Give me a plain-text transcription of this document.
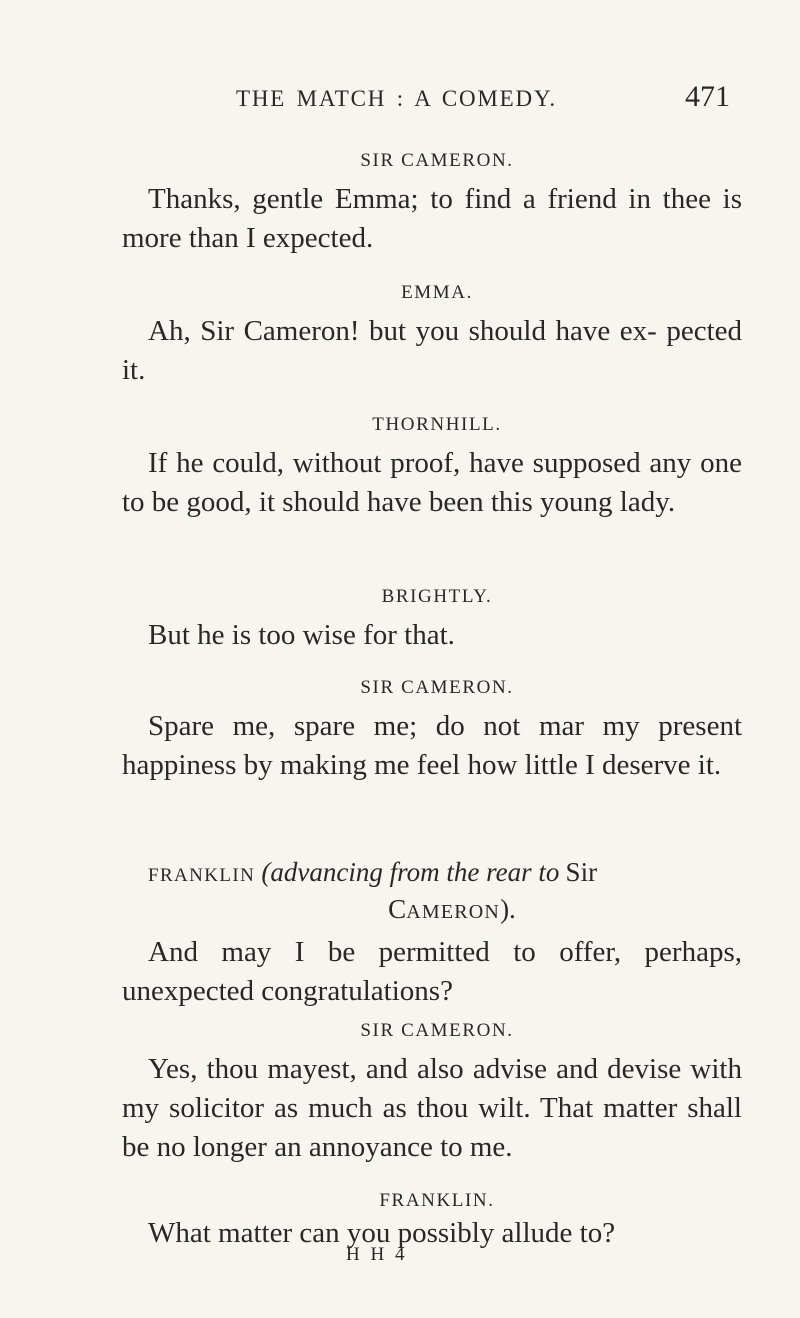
THE MATCH : A COMEDY.	471

SIR CAMERON.

Thanks, gentle Emma; to find a friend in thee is more than I expected.

EMMA.

Ah, Sir Cameron! but you should have ex- pected it.

THORNHILL.

If he could, without proof, have supposed any one to be good, it should have been this young lady.

BRIGHTLY.

But he is too wise for that.

SIR CAMERON.

Spare me, spare me; do not mar my present happiness by making me feel how little I deserve it.

FRANKLIN (advancing from the rear to Sir

CAMERON).

And may I be permitted to offer, perhaps, unexpected congratulations?

SIR CAMERON.

Yes, thou mayest, and also advise and devise with my solicitor as much as thou wilt. That matter shall be no longer an annoyance to me.

FRANKLIN.

What matter can you possibly allude to?

H H 4
